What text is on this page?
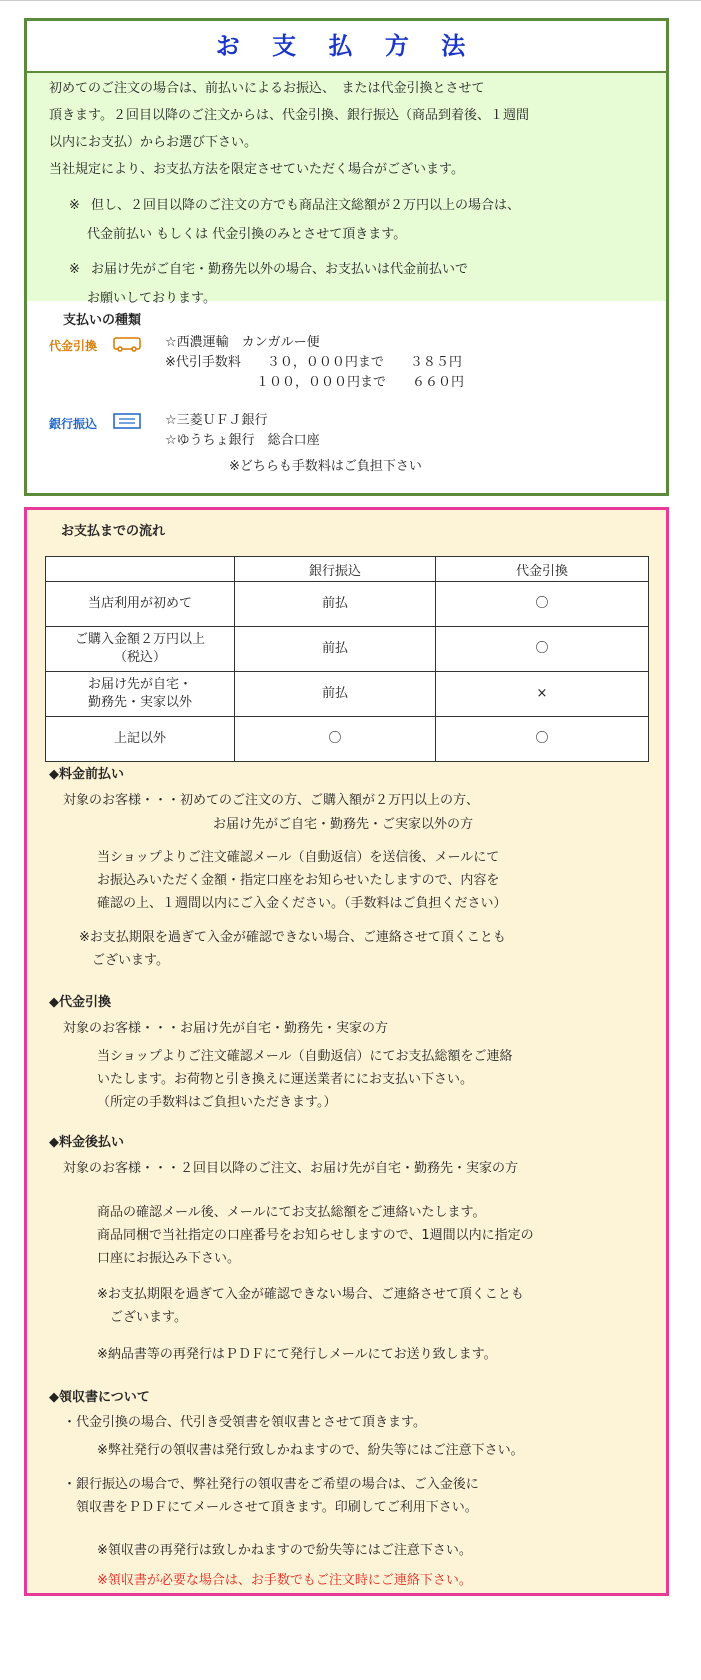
お 支 払 方 法

初めてのご注文の場合は、前払いによるお振込、　または代金引換とさせて

頂きます。２回目以降のご注文からは、代金引換、銀行振込（商品到着後、１週間

以内にお支払）からお選び下さい。

当社規定により、お支払方法を限定させていただく場合がございます。

※ 但し、２回目以降のご注文の方でも商品注文総額が２万円以上の場合は、
代金前払い もしくは 代金引換のみとさせて頂きます。
※ お届け先がご自宅・勤務先以外の場合、お支払いは代金前払いで
お願いしております。
支払いの種類
代金引換	☆西濃運輸　カンガルー便
※代引手数料　　３０，０００円まで　　３８５円
　　　　　　　１００，０００円まで　　６６０円
銀行振込	☆三菱ＵＦＪ銀行
☆ゆうちょ銀行　総合口座
※どちらも手数料はご負担下さい
お支払までの流れ
	銀行振込	代金引換
当店利用が初めて	前払	〇
ご購入金額２万円以上
（税込）	前払	〇
お届け先が自宅・
勤務先・実家以外	前払	×
上記以外	〇	〇
◆料金前払い
対象のお客様・・・初めてのご注文の方、ご購入額が２万円以上の方、
お届け先がご自宅・勤務先・ご実家以外の方
当ショップよりご注文確認メール（自動返信）を送信後、メールにて
お振込みいただく金額・指定口座をお知らせいたしますので、内容を
確認の上、１週間以内にご入金ください。（手数料はご負担ください）
※お支払期限を過ぎて入金が確認できない場合、ご連絡させて頂くことも
　ございます。
◆代金引換
対象のお客様・・・お届け先が自宅・勤務先・実家の方
当ショップよりご注文確認メール（自動返信）にてお支払総額をご連絡
いたします。お荷物と引き換えに運送業者ににお支払い下さい。
（所定の手数料はご負担いただきます。）
◆料金後払い
対象のお客様・・・２回目以降のご注文、お届け先が自宅・勤務先・実家の方
商品の確認メール後、メールにてお支払総額をご連絡いたします。
商品同梱で当社指定の口座番号をお知らせしますので、1週間以内に指定の
口座にお振込み下さい。
※お支払期限を過ぎて入金が確認できない場合、ご連絡させて頂くことも
　ございます。
※納品書等の再発行はＰＤＦにて発行しメールにてお送り致します。
◆領収書について
・代金引換の場合、代引き受領書を領収書とさせて頂きます。
※弊社発行の領収書は発行致しかねますので、紛失等にはご注意下さい。
・銀行振込の場合で、弊社発行の領収書をご希望の場合は、ご入金後に
　領収書をＰＤＦにてメールさせて頂きます。印刷してご利用下さい。
※領収書の再発行は致しかねますので紛失等にはご注意下さい。
※領収書が必要な場合は、お手数でもご注文時にご連絡下さい。
